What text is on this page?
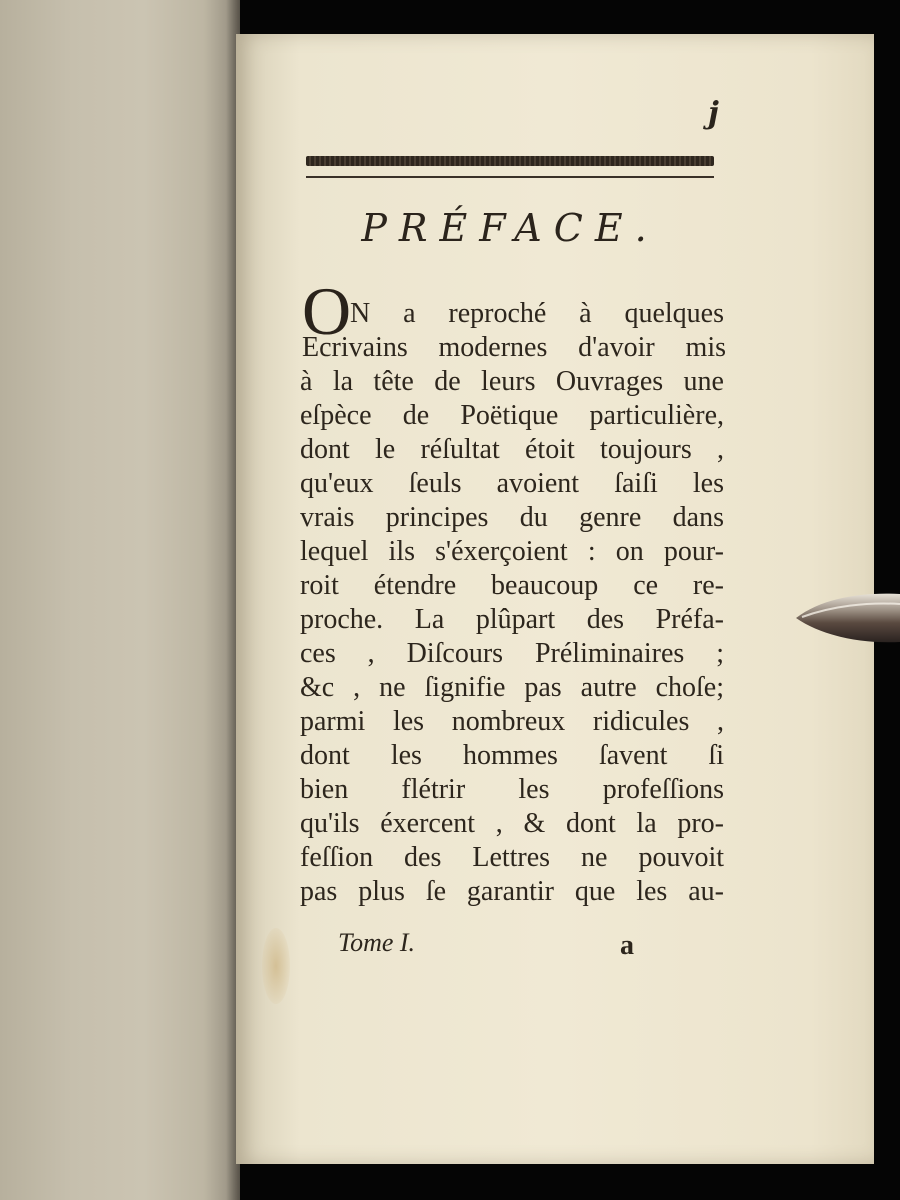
j
PRÉFACE.
O
N a reproché à quelques
Ecrivains modernes d'avoir mis
à la tête de leurs Ouvrages une
eſpèce de Poëtique particulière,
dont le réſultat étoit toujours ,
qu'eux ſeuls avoient ſaiſi les
vrais principes du genre dans
lequel ils s'éxerçoient : on pour-
roit étendre beaucoup ce re-
proche. La plûpart des Préfa-
ces , Diſcours Préliminaires ;
&c , ne ſignifie pas autre choſe;
parmi les nombreux ridicules ,
dont les hommes ſavent ſi
bien flétrir les profeſſions
qu'ils éxercent , & dont la pro-
feſſion des Lettres ne pouvoit
pas plus ſe garantir que les au-
Tome I.	a
